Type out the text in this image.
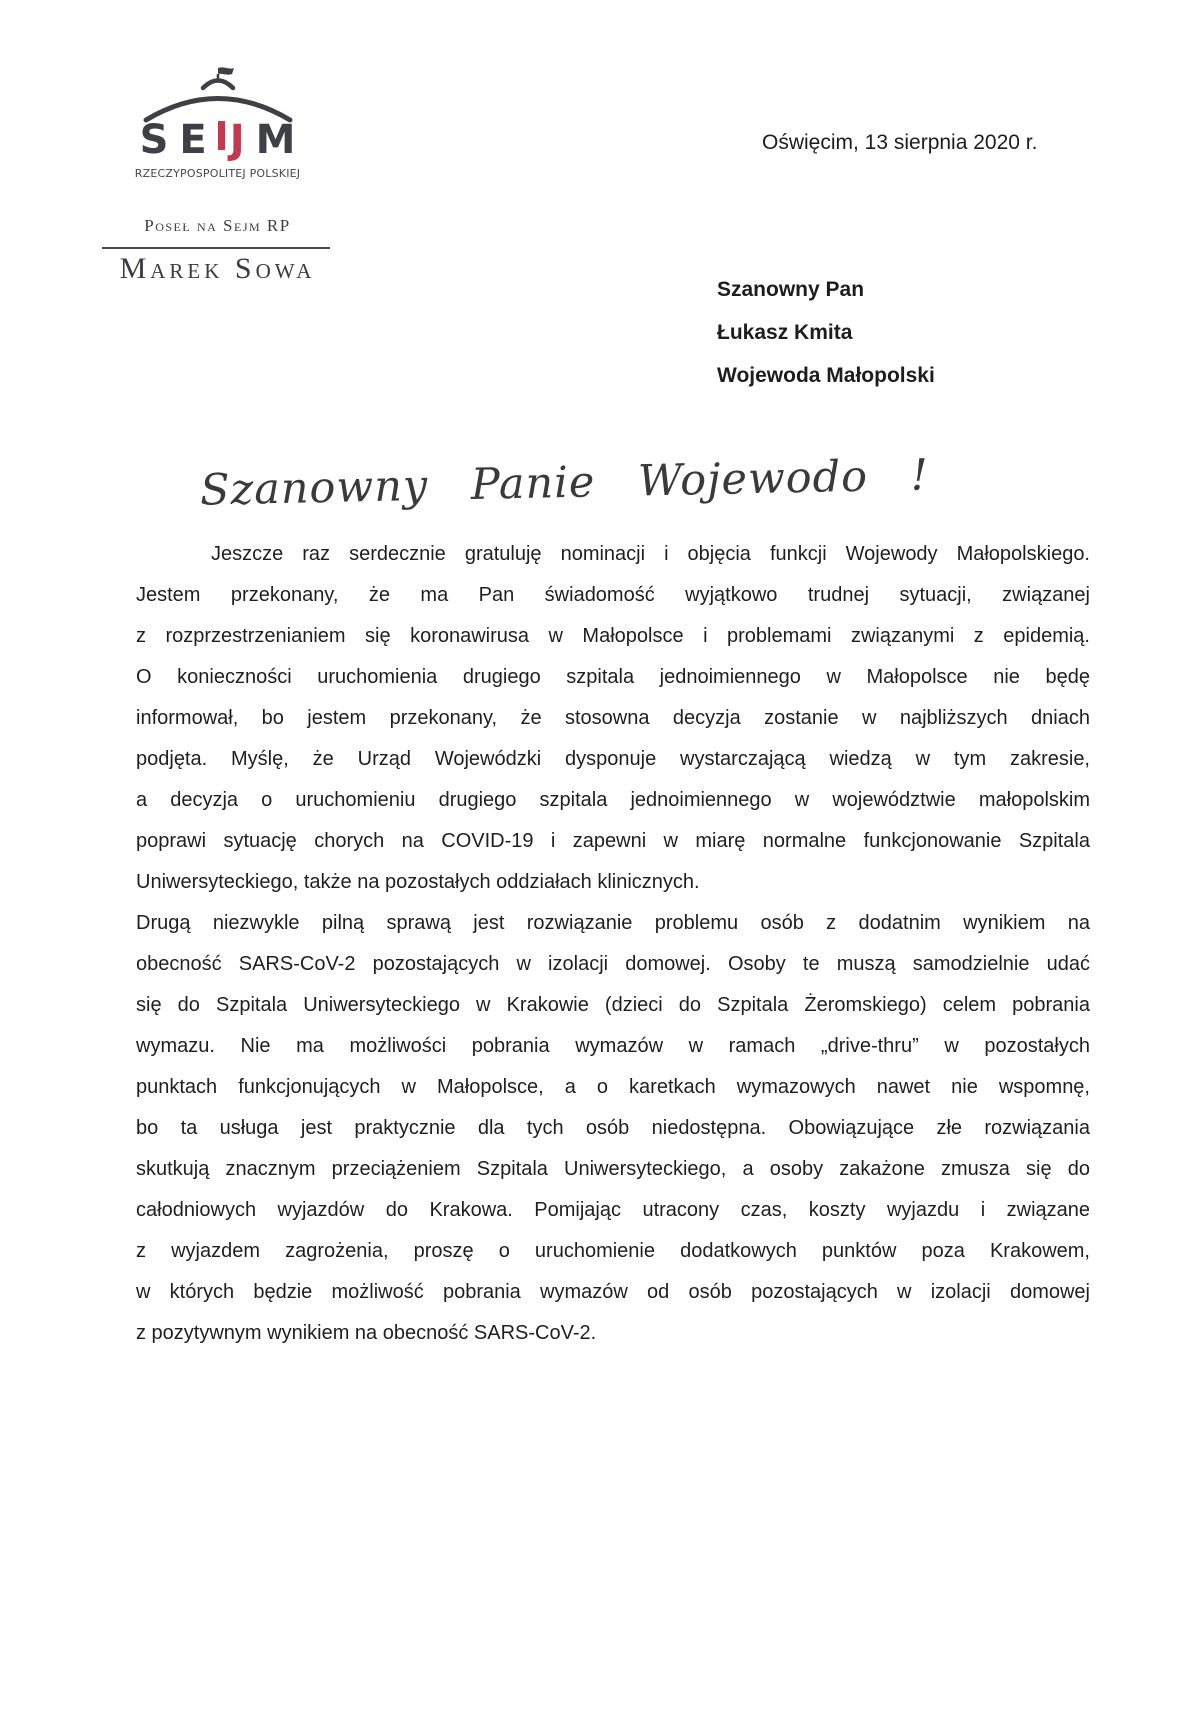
S E J M
RZECZYPOSPOLITEJ POLSKIEJ
Poseł na Sejm RP
Marek Sowa
Oświęcim, 13 sierpnia 2020 r.
Szanowny Pan
Łukasz Kmita
Wojewoda Małopolski
Szanowny Panie Wojewodo !
Jeszcze raz serdecznie gratuluję nominacji i objęcia funkcji Wojewody Małopolskiego.
Jestem przekonany, że ma Pan świadomość wyjątkowo trudnej sytuacji, związanej
z rozprzestrzenianiem się koronawirusa w Małopolsce i problemami związanymi z epidemią.
O konieczności uruchomienia drugiego szpitala jednoimiennego w Małopolsce nie będę
informował, bo jestem przekonany, że stosowna decyzja zostanie w najbliższych dniach
podjęta. Myślę, że Urząd Wojewódzki dysponuje wystarczającą wiedzą w tym zakresie,
a decyzja o uruchomieniu drugiego szpitala jednoimiennego w województwie małopolskim
poprawi sytuację chorych na COVID-19 i zapewni w miarę normalne funkcjonowanie Szpitala
Uniwersyteckiego, także na pozostałych oddziałach klinicznych.
Drugą niezwykle pilną sprawą jest rozwiązanie problemu osób z dodatnim wynikiem na
obecność SARS-CoV-2 pozostających w izolacji domowej. Osoby te muszą samodzielnie udać
się do Szpitala Uniwersyteckiego w Krakowie (dzieci do Szpitala Żeromskiego) celem pobrania
wymazu. Nie ma możliwości pobrania wymazów w ramach „drive-thru” w pozostałych
punktach funkcjonujących w Małopolsce, a o karetkach wymazowych nawet nie wspomnę,
bo ta usługa jest praktycznie dla tych osób niedostępna. Obowiązujące złe rozwiązania
skutkują znacznym przeciążeniem Szpitala Uniwersyteckiego, a osoby zakażone zmusza się do
całodniowych wyjazdów do Krakowa. Pomijając utracony czas, koszty wyjazdu i związane
z wyjazdem zagrożenia, proszę o uruchomienie dodatkowych punktów poza Krakowem,
w których będzie możliwość pobrania wymazów od osób pozostających w izolacji domowej
z pozytywnym wynikiem na obecność SARS-CoV-2.
